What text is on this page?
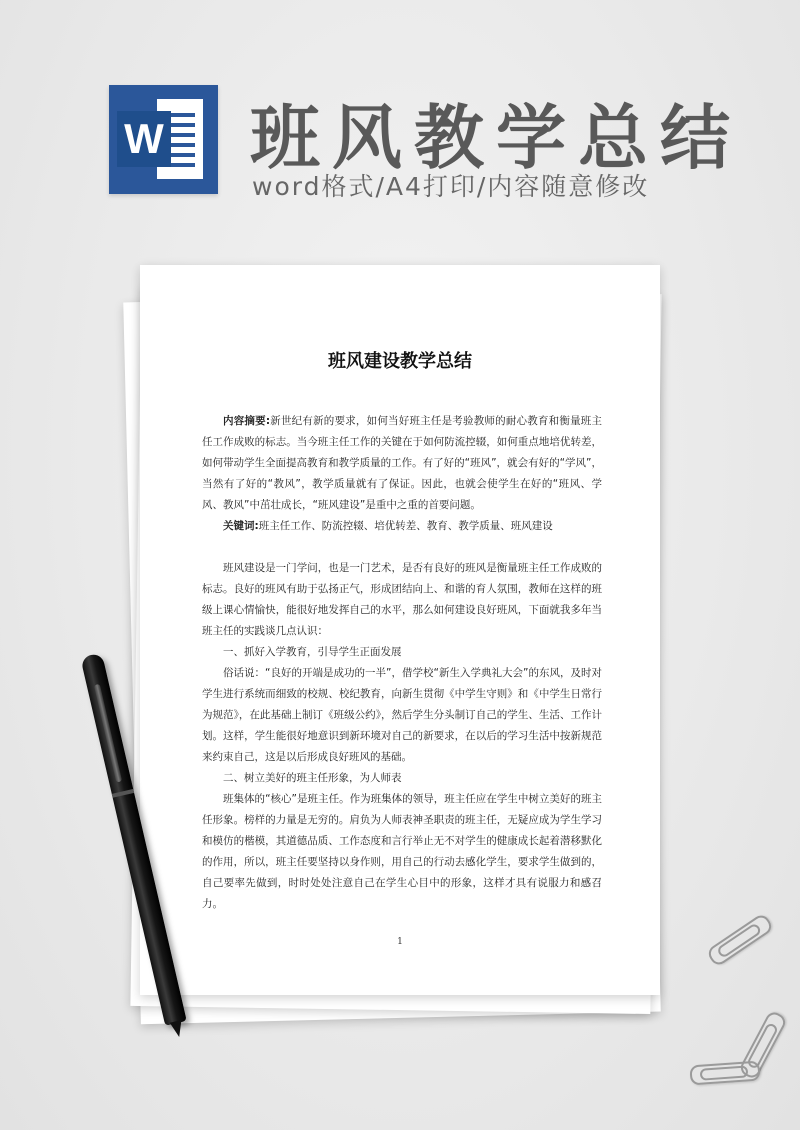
W 班风教学总结
word格式/A4打印/内容随意修改
班风建设教学总结

内容摘要:新世纪有新的要求，如何当好班主任是考验教师的耐心教育和衡量班主任工作成败的标志。当今班主任工作的关键在于如何防流控辍，如何重点地培优转差，如何带动学生全面提高教育和教学质量的工作。有了好的“班风”，就会有好的“学风”，当然有了好的“教风”，教学质量就有了保证。因此，也就会使学生在好的“班风、学风、教风”中茁壮成长，“班风建设”是重中之重的首要问题。

关键词:班主任工作、防流控辍、培优转差、教育、教学质量、班风建设

班风建设是一门学问，也是一门艺术，是否有良好的班风是衡量班主任工作成败的标志。良好的班风有助于弘扬正气，形成团结向上、和谐的育人氛围，教师在这样的班级上课心情愉快，能很好地发挥自己的水平，那么如何建设良好班风，下面就我多年当班主任的实践谈几点认识：

一、抓好入学教育，引导学生正面发展

俗话说：“良好的开端是成功的一半”，借学校“新生入学典礼大会”的东风，及时对学生进行系统而细致的校规、校纪教育，向新生贯彻《中学生守则》和《中学生日常行为规范》，在此基础上制订《班级公约》，然后学生分头制订自己的学生、生活、工作计划。这样，学生能很好地意识到新环境对自己的新要求，在以后的学习生活中按新规范来约束自己，这是以后形成良好班风的基础。

二、树立美好的班主任形象，为人师表

班集体的“核心”是班主任。作为班集体的领导，班主任应在学生中树立美好的班主任形象。榜样的力量是无穷的。肩负为人师表神圣职责的班主任，无疑应成为学生学习和模仿的楷模，其道德品质、工作态度和言行举止无不对学生的健康成长起着潜移默化的作用，所以，班主任要坚持以身作则，用自己的行动去感化学生，要求学生做到的，自己要率先做到，时时处处注意自己在学生心目中的形象，这样才具有说服力和感召力。

1
